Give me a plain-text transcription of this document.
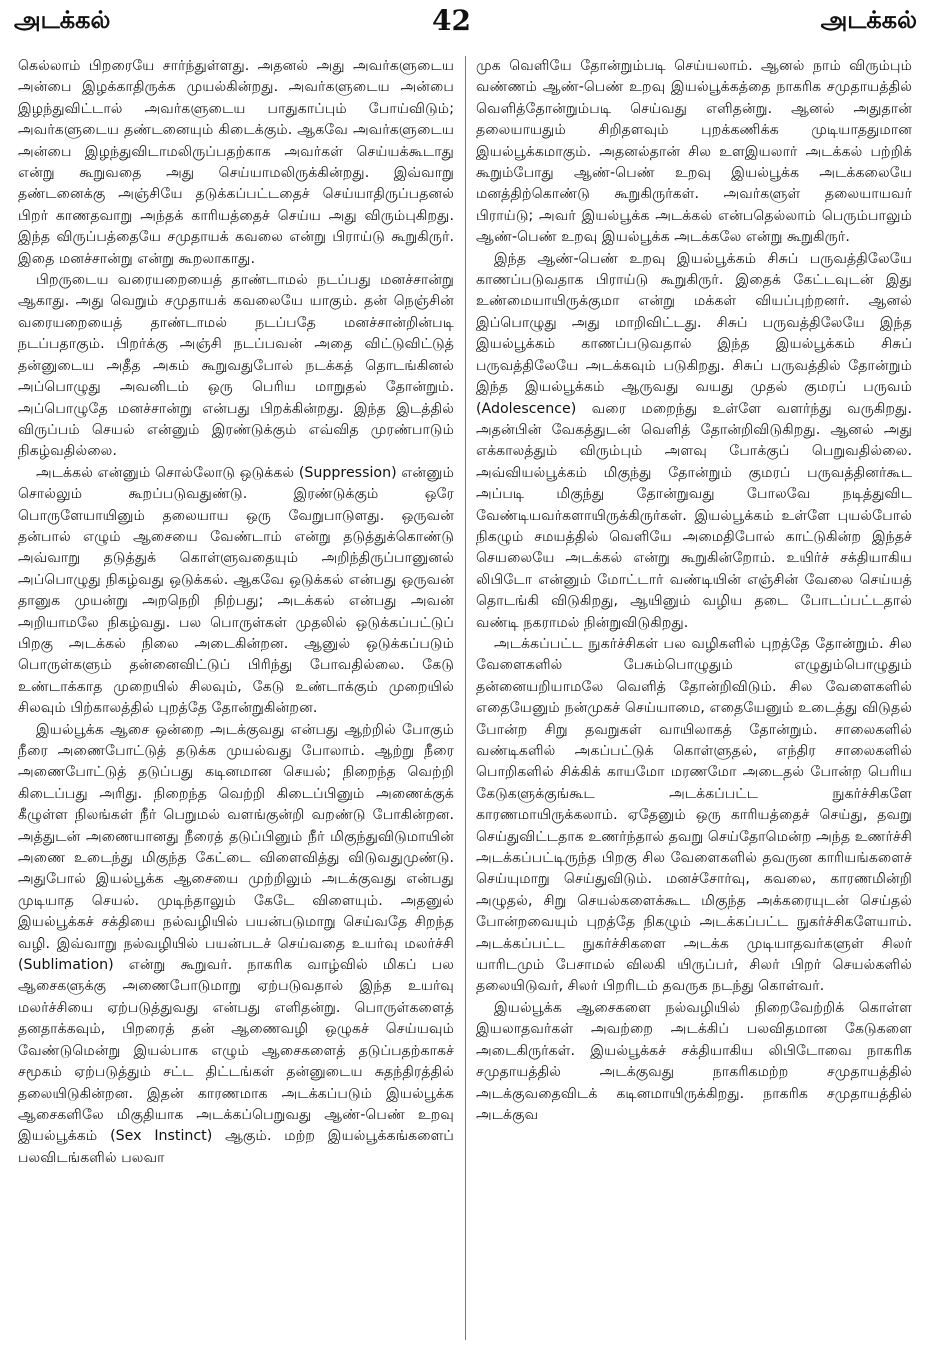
அடக்கல்	42	அடக்கல்

கெல்லாம் பிறரையே சார்ந்துள்ளது. அதனல் அது அவர்களுடைய அன்பை இழக்காதிருக்க முயல்கின்றது. அவர்களுடைய அன்பை இழந்துவிட்டால் அவர்களுடைய பாதுகாப்பும் போய்விடும்; அவர்களுடைய தண்டனையும் கிடைக்கும். ஆகவே அவர்களுடைய அன்பை இழந்துவிடாமலிருப்பதற்காக அவர்கள் செய்யக்கூடாது என்று கூறுவதை அது செய்யாமலிருக்கின்றது. இவ்வாறு தண்டனைக்கு அஞ்சியே தடுக்கப்பட்டதைச் செய்யாதிருப்பதனல் பிறர் காணதவாறு அந்தக் காரியத்தைச் செய்ய அது விரும்புகிறது. இந்த விருப்பத்தையே சமுதாயக் கவலை என்று பிராய்டு கூறுகிருர். இதை மனச்சான்று என்று கூறலாகாது.

பிறருடைய வரையறையைத் தாண்டாமல் நடப்பது மனச்சான்று ஆகாது. அது வெறும் சமுதாயக் கவலையே யாகும். தன் நெஞ்சின் வரையறையைத் தாண்டாமல் நடப்பதே மனச்சான்றின்படி நடப்பதாகும். பிறர்க்கு அஞ்சி நடப்பவன் அதை விட்டுவிட்டுத் தன்னுடைய அதீத அகம் கூறுவதுபோல் நடக்கத் தொடங்கினல் அப்பொழுது அவனிடம் ஒரு பெரிய மாறுதல் தோன்றும். அப்பொழுதே மனச்சான்று என்பது பிறக்கின்றது. இந்த இடத்தில் விருப்பம் செயல் என்னும் இரண்டுக்கும் எவ்வித முரண்பாடும் நிகழ்வதில்லை.

அடக்கல் என்னும் சொல்லோடு ஒடுக்கல் (Suppression) என்னும் சொல்லும் கூறப்படுவதுண்டு. இரண்டுக்கும் ஒரே பொருளேயாயினும் தலையாய ஒரு வேறுபாடுளது. ஒருவன் தன்பால் எழும் ஆசையை வேண்டாம் என்று தடுத்துக்கொண்டு அவ்வாறு தடுத்துக் கொள்ளுவதையும் அறிந்திருப்பானுனல் அப்பொழுது நிகழ்வது ஒடுக்கல். ஆகவே ஒடுக்கல் என்பது ஒருவன் தானுக முயன்று அறநெறி நிற்பது; அடக்கல் என்பது அவன் அறியாமலே நிகழ்வது. பல பொருள்கள் முதலில் ஒடுக்கப்பட்டுப் பிறகு அடக்கல் நிலை அடைகின்றன. ஆனுல் ஒடுக்கப்படும் பொருள்களும் தன்னைவிட்டுப் பிரிந்து போவதில்லை. கேடு உண்டாக்காத முறையில் சிலவும், கேடு உண்டாக்கும் முறையில் சிலவும் பிற்காலத்தில் புறத்தே தோன்றுகின்றன.

இயல்பூக்க ஆசை ஒன்றை அடக்குவது என்பது ஆற்றில் போகும் நீரை அணைபோட்டுத் தடுக்க முயல்வது போலாம். ஆற்று நீரை அணைபோட்டுத் தடுப்பது கடினமான செயல்; நிறைந்த வெற்றி கிடைப்பது அரிது. நிறைந்த வெற்றி கிடைப்பினும் அணைக்குக் கீழுள்ள நிலங்கள் நீர் பெறுமல் வளங்குன்றி வறண்டு போகின்றன. அத்துடன் அணையானது நீரைத் தடுப்பினும் நீர் மிகுந்துவிடுமாயின் அணை உடைந்து மிகுந்த கேட்டை விளைவித்து விடுவதுமுண்டு. அதுபோல் இயல்பூக்க ஆசையை முற்றிலும் அடக்குவது என்பது முடியாத செயல். முடிந்தாலும் கேடே விளையும். அதனுல் இயல்பூக்கச் சக்தியை நல்வழியில் பயன்படுமாறு செய்வதே சிறந்த வழி. இவ்வாறு நல்வழியில் பயன்படச் செய்வதை உயர்வு மலர்ச்சி (Sublimation) என்று கூறுவர். நாகரிக வாழ்வில் மிகப் பல ஆசைகளுக்கு அணைபோடுமாறு ஏற்படுவதால் இந்த உயர்வு மலர்ச்சியை ஏற்படுத்துவது என்பது எளிதன்று. பொருள்களைத் தனதாக்கவும், பிறரைத் தன் ஆணைவழி ஒழுகச் செய்யவும் வேண்டுமென்று இயல்பாக எழும் ஆசைகளைத் தடுப்பதற்காகச் சமூகம் ஏற்படுத்தும் சட்ட திட்டங்கள் தன்னுடைய சுதந்திரத்தில் தலையிடுகின்றன. இதன் காரணமாக அடக்கப்படும் இயல்பூக்க ஆசைகளிலே மிகுதியாக அடக்கப்பெறுவது ஆண்-பெண் உறவு இயல்பூக்கம் (Sex Instinct) ஆகும். மற்ற இயல்பூக்கங்களைப் பலவிடங்களில் பலவா

முக வெளியே தோன்றும்படி செய்யலாம். ஆனல் நாம் விரும்பும் வண்ணம் ஆண்-பெண் உறவு இயல்பூக்கத்தை நாகரிக சமுதாயத்தில் வெளித்தோன்றும்படி செய்வது எளிதன்று. ஆனல் அதுதான் தலையாயதும் சிறிதளவும் புறக்கணிக்க முடியாததுமான இயல்பூக்கமாகும். அதனல்தான் சில உளஇயலார் அடக்கல் பற்றிக் கூறும்போது ஆண்-பெண் உறவு இயல்பூக்க அடக்கலையே மனத்திற்கொண்டு கூறுகிருர்கள். அவர்களுள் தலையாயவர் பிராய்டு; அவர் இயல்பூக்க அடக்கல் என்பதெல்லாம் பெரும்பாலும் ஆண்-பெண் உறவு இயல்பூக்க அடக்கலே என்று கூறுகிருர்.

இந்த ஆண்-பெண் உறவு இயல்பூக்கம் சிசுப் பருவத்திலேயே காணப்படுவதாக பிராய்டு கூறுகிருர். இதைக் கேட்டவுடன் இது உண்மையாயிருக்குமா என்று மக்கள் வியப்புற்றனர். ஆனல் இப்பொழுது அது மாறிவிட்டது. சிசுப் பருவத்திலேயே இந்த இயல்பூக்கம் காணப்படுவதால் இந்த இயல்பூக்கம் சிசுப் பருவத்திலேயே அடக்கவும் படுகிறது. சிசுப் பருவத்தில் தோன்றும் இந்த இயல்பூக்கம் ஆருவது வயது முதல் குமரப் பருவம் (Adolescence) வரை மறைந்து உள்ளே வளர்ந்து வருகிறது. அதன்பின் வேகத்துடன் வெளித் தோன்றிவிடுகிறது. ஆனல் அது எக்காலத்தும் விரும்பும் அளவு போக்குப் பெறுவதில்லை. அவ்வியல்பூக்கம் மிகுந்து தோன்றும் குமரப் பருவத்தினர்கூட அப்படி மிகுந்து தோன்றுவது போலவே நடித்துவிட வேண்டியவர்களாயிருக்கிருர்கள். இயல்பூக்கம் உள்ளே புயல்போல் நிகழும் சமயத்தில் வெளியே அமைதிபோல் காட்டுகின்ற இந்தச் செயலையே அடக்கல் என்று கூறுகின்றோம். உயிர்ச் சக்தியாகிய லிபிடோ என்னும் மோட்டார் வண்டியின் எஞ்சின் வேலை செய்யத் தொடங்கி விடுகிறது, ஆயினும் வழிய தடை போடப்பட்டதால் வண்டி நகராமல் நின்றுவிடுகிறது.

அடக்கப்பட்ட நுகர்ச்சிகள் பல வழிகளில் புறத்தே தோன்றும். சில வேளைகளில் பேசும்பொழுதும் எழுதும்பொழுதும் தன்னையறியாமலே வெளித் தோன்றிவிடும். சில வேளைகளில் எதையேனும் நன்முகச் செய்யாமை, எதையேனும் உடைத்து விடுதல் போன்ற சிறு தவறுகள் வாயிலாகத் தோன்றும். சாலைகளில் வண்டிகளில் அகப்பட்டுக் கொள்ளுதல், எந்திர சாலைகளில் பொறிகளில் சிக்கிக் காயமோ மரணமோ அடைதல் போன்ற பெரிய கேடுகளுக்குங்கூட அடக்கப்பட்ட நுகர்ச்சிகளே காரணமாயிருக்கலாம். ஏதேனும் ஒரு காரியத்தைச் செய்து, தவறு செய்துவிட்டதாக உணர்ந்தால் தவறு செய்தோமென்ற அந்த உணர்ச்சி அடக்கப்பட்டிருந்த பிறகு சில வேளைகளில் தவருன காரியங்களைச் செய்யுமாறு செய்துவிடும். மனச்சோர்வு, கவலை, காரணமின்றி அழுதல், சிறு செயல்களைக்கூட மிகுந்த அக்கரையுடன் செய்தல் போன்றவையும் புறத்தே நிகழும் அடக்கப்பட்ட நுகர்ச்சிகளேயாம். அடக்கப்பட்ட நுகர்ச்சிகளை அடக்க முடியாதவர்களுள் சிலர் யாரிடமும் பேசாமல் விலகி யிருப்பர், சிலர் பிறர் செயல்களில் தலையிடுவர், சிலர் பிறரிடம் தவருக நடந்து கொள்வர்.

இயல்பூக்க ஆசைகளை நல்வழியில் நிறைவேற்றிக் கொள்ள இயலாதவர்கள் அவற்றை அடக்கிப் பலவிதமான கேடுகளை அடைகிருர்கள். இயல்பூக்கச் சக்தியாகிய லிபிடோவை நாகரிக சமுதாயத்தில் அடக்குவது நாகரிகமற்ற சமுதாயத்தில் அடக்குவதைவிடக் கடினமாயிருக்கிறது. நாகரிக சமுதாயத்தில் அடக்குவ
